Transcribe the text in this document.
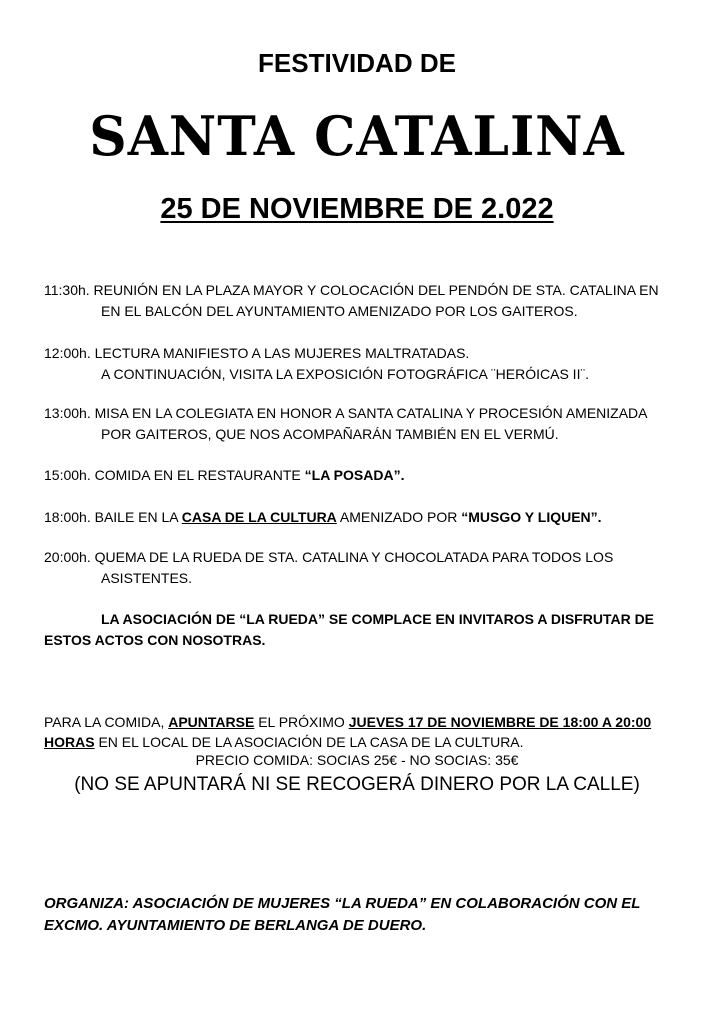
FESTIVIDAD DE
SANTA CATALINA
25 DE NOVIEMBRE DE 2.022
11:30h. REUNIÓN EN LA PLAZA MAYOR Y COLOCACIÓN DEL PENDÓN DE STA. CATALINA EN
EN EL BALCÓN DEL AYUNTAMIENTO AMENIZADO POR LOS GAITEROS.
12:00h. LECTURA MANIFIESTO A LAS MUJERES MALTRATADAS.
A CONTINUACIÓN, VISITA LA EXPOSICIÓN FOTOGRÁFICA ¨HERÓICAS II¨.
13:00h. MISA EN LA COLEGIATA EN HONOR A SANTA CATALINA Y PROCESIÓN AMENIZADA
POR GAITEROS, QUE NOS ACOMPAÑARÁN TAMBIÉN EN EL VERMÚ.
15:00h. COMIDA EN EL RESTAURANTE “LA POSADA”.
18:00h. BAILE EN LA CASA DE LA CULTURA AMENIZADO POR “MUSGO Y LIQUEN”.
20:00h. QUEMA DE LA RUEDA DE STA. CATALINA Y CHOCOLATADA PARA TODOS LOS
ASISTENTES.
LA ASOCIACIÓN DE “LA RUEDA” SE COMPLACE EN INVITAROS A DISFRUTAR DE
ESTOS ACTOS CON NOSOTRAS.
PARA LA COMIDA, APUNTARSE EL PRÓXIMO JUEVES 17 DE NOVIEMBRE DE 18:00 A 20:00
HORAS EN EL LOCAL DE LA ASOCIACIÓN DE LA CASA DE LA CULTURA.
PRECIO COMIDA: SOCIAS 25€ - NO SOCIAS: 35€
(NO SE APUNTARÁ NI SE RECOGERÁ DINERO POR LA CALLE)
ORGANIZA: ASOCIACIÓN DE MUJERES “LA RUEDA” EN COLABORACIÓN CON EL
EXCMO. AYUNTAMIENTO DE BERLANGA DE DUERO.
